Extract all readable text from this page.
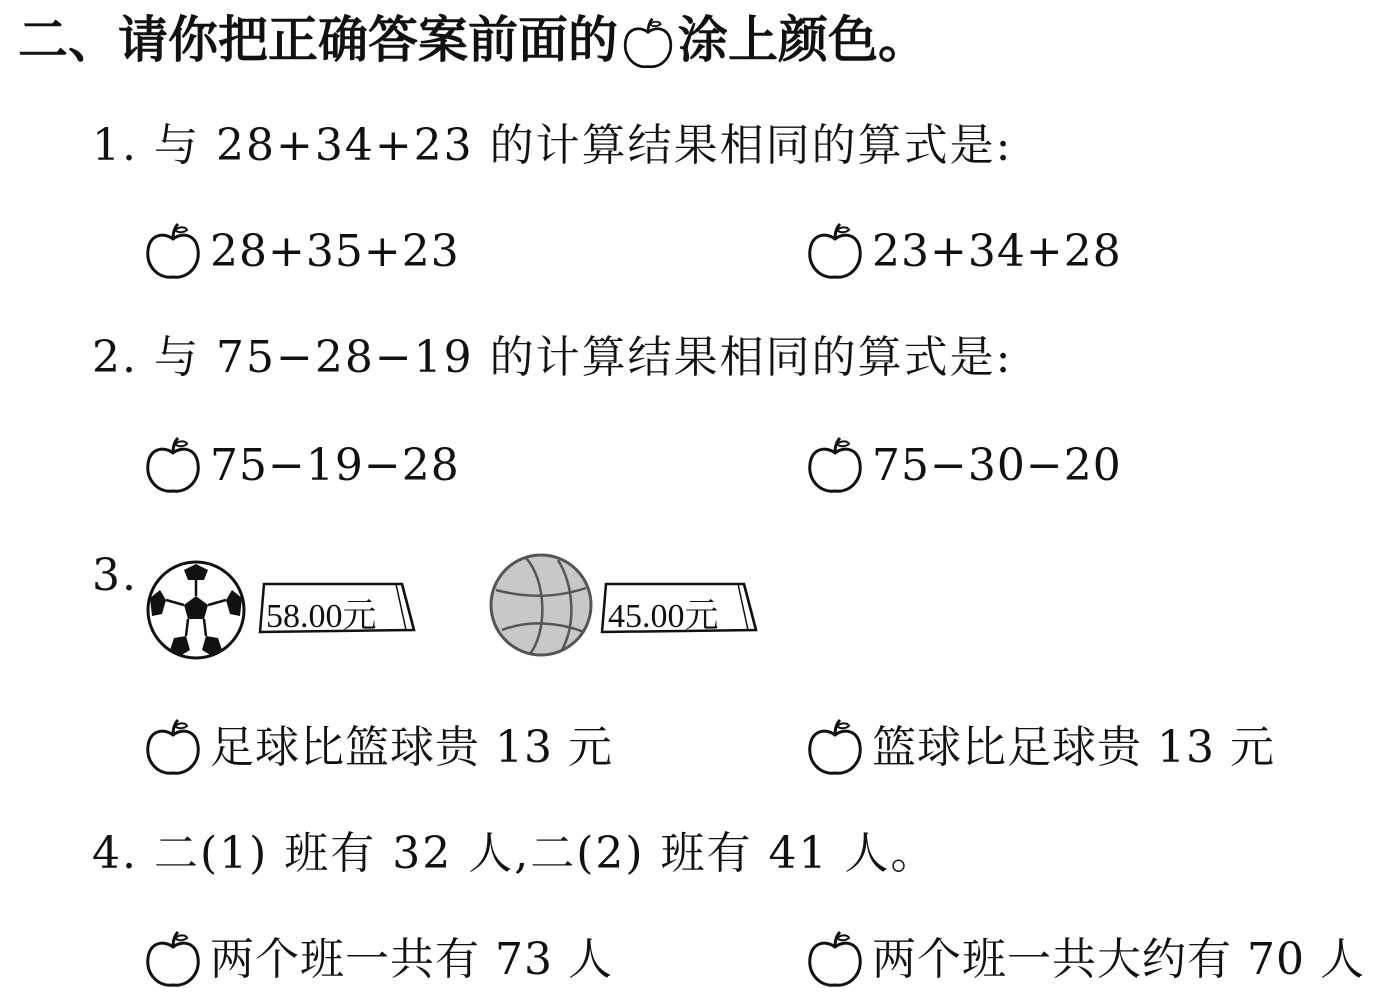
二、请你把正确答案前面的 涂上颜色。
1. 与 28+34+23 的计算结果相同的算式是:
28+35+23	23+34+28
2. 与 75−28−19 的计算结果相同的算式是:
75−19−28	75−30−20
3.
58.00元	45.00元
足球比篮球贵 13 元	篮球比足球贵 13 元
4. 二(1) 班有 32 人,二(2) 班有 41 人。
两个班一共有 73 人	两个班一共大约有 70 人
